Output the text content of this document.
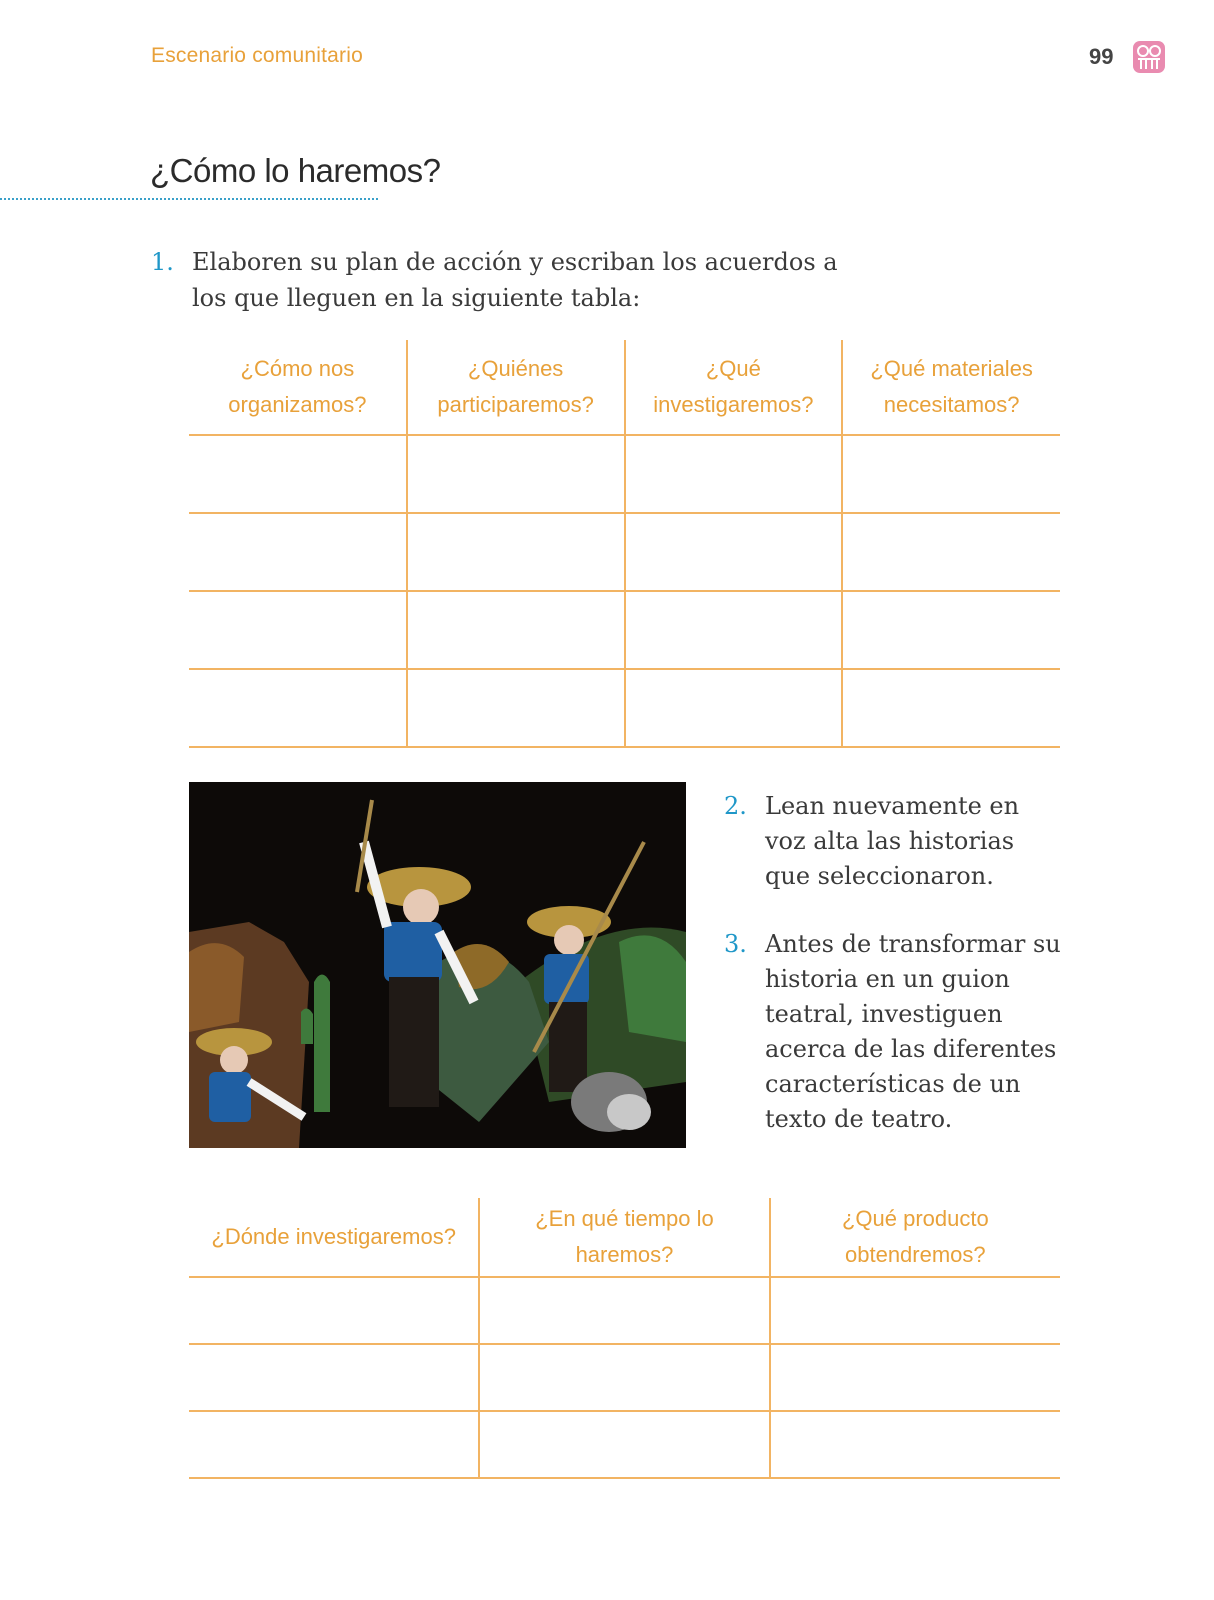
Escenario comunitario	99
¿Cómo lo haremos?
1. Elaboren su plan de acción y escriban los acuerdos a los que lleguen en la siguiente tabla:
¿Cómo nos organizamos?	¿Quiénes participaremos?	¿Qué investigaremos?	¿Qué materiales necesitamos?

2. Lean nuevamente en voz alta las historias que seleccionaron.
3. Antes de transformar su historia en un guion teatral, investiguen acerca de las diferentes características de un texto de teatro.
¿Dónde investigaremos?	¿En qué tiempo lo haremos?	¿Qué producto obtendremos?
